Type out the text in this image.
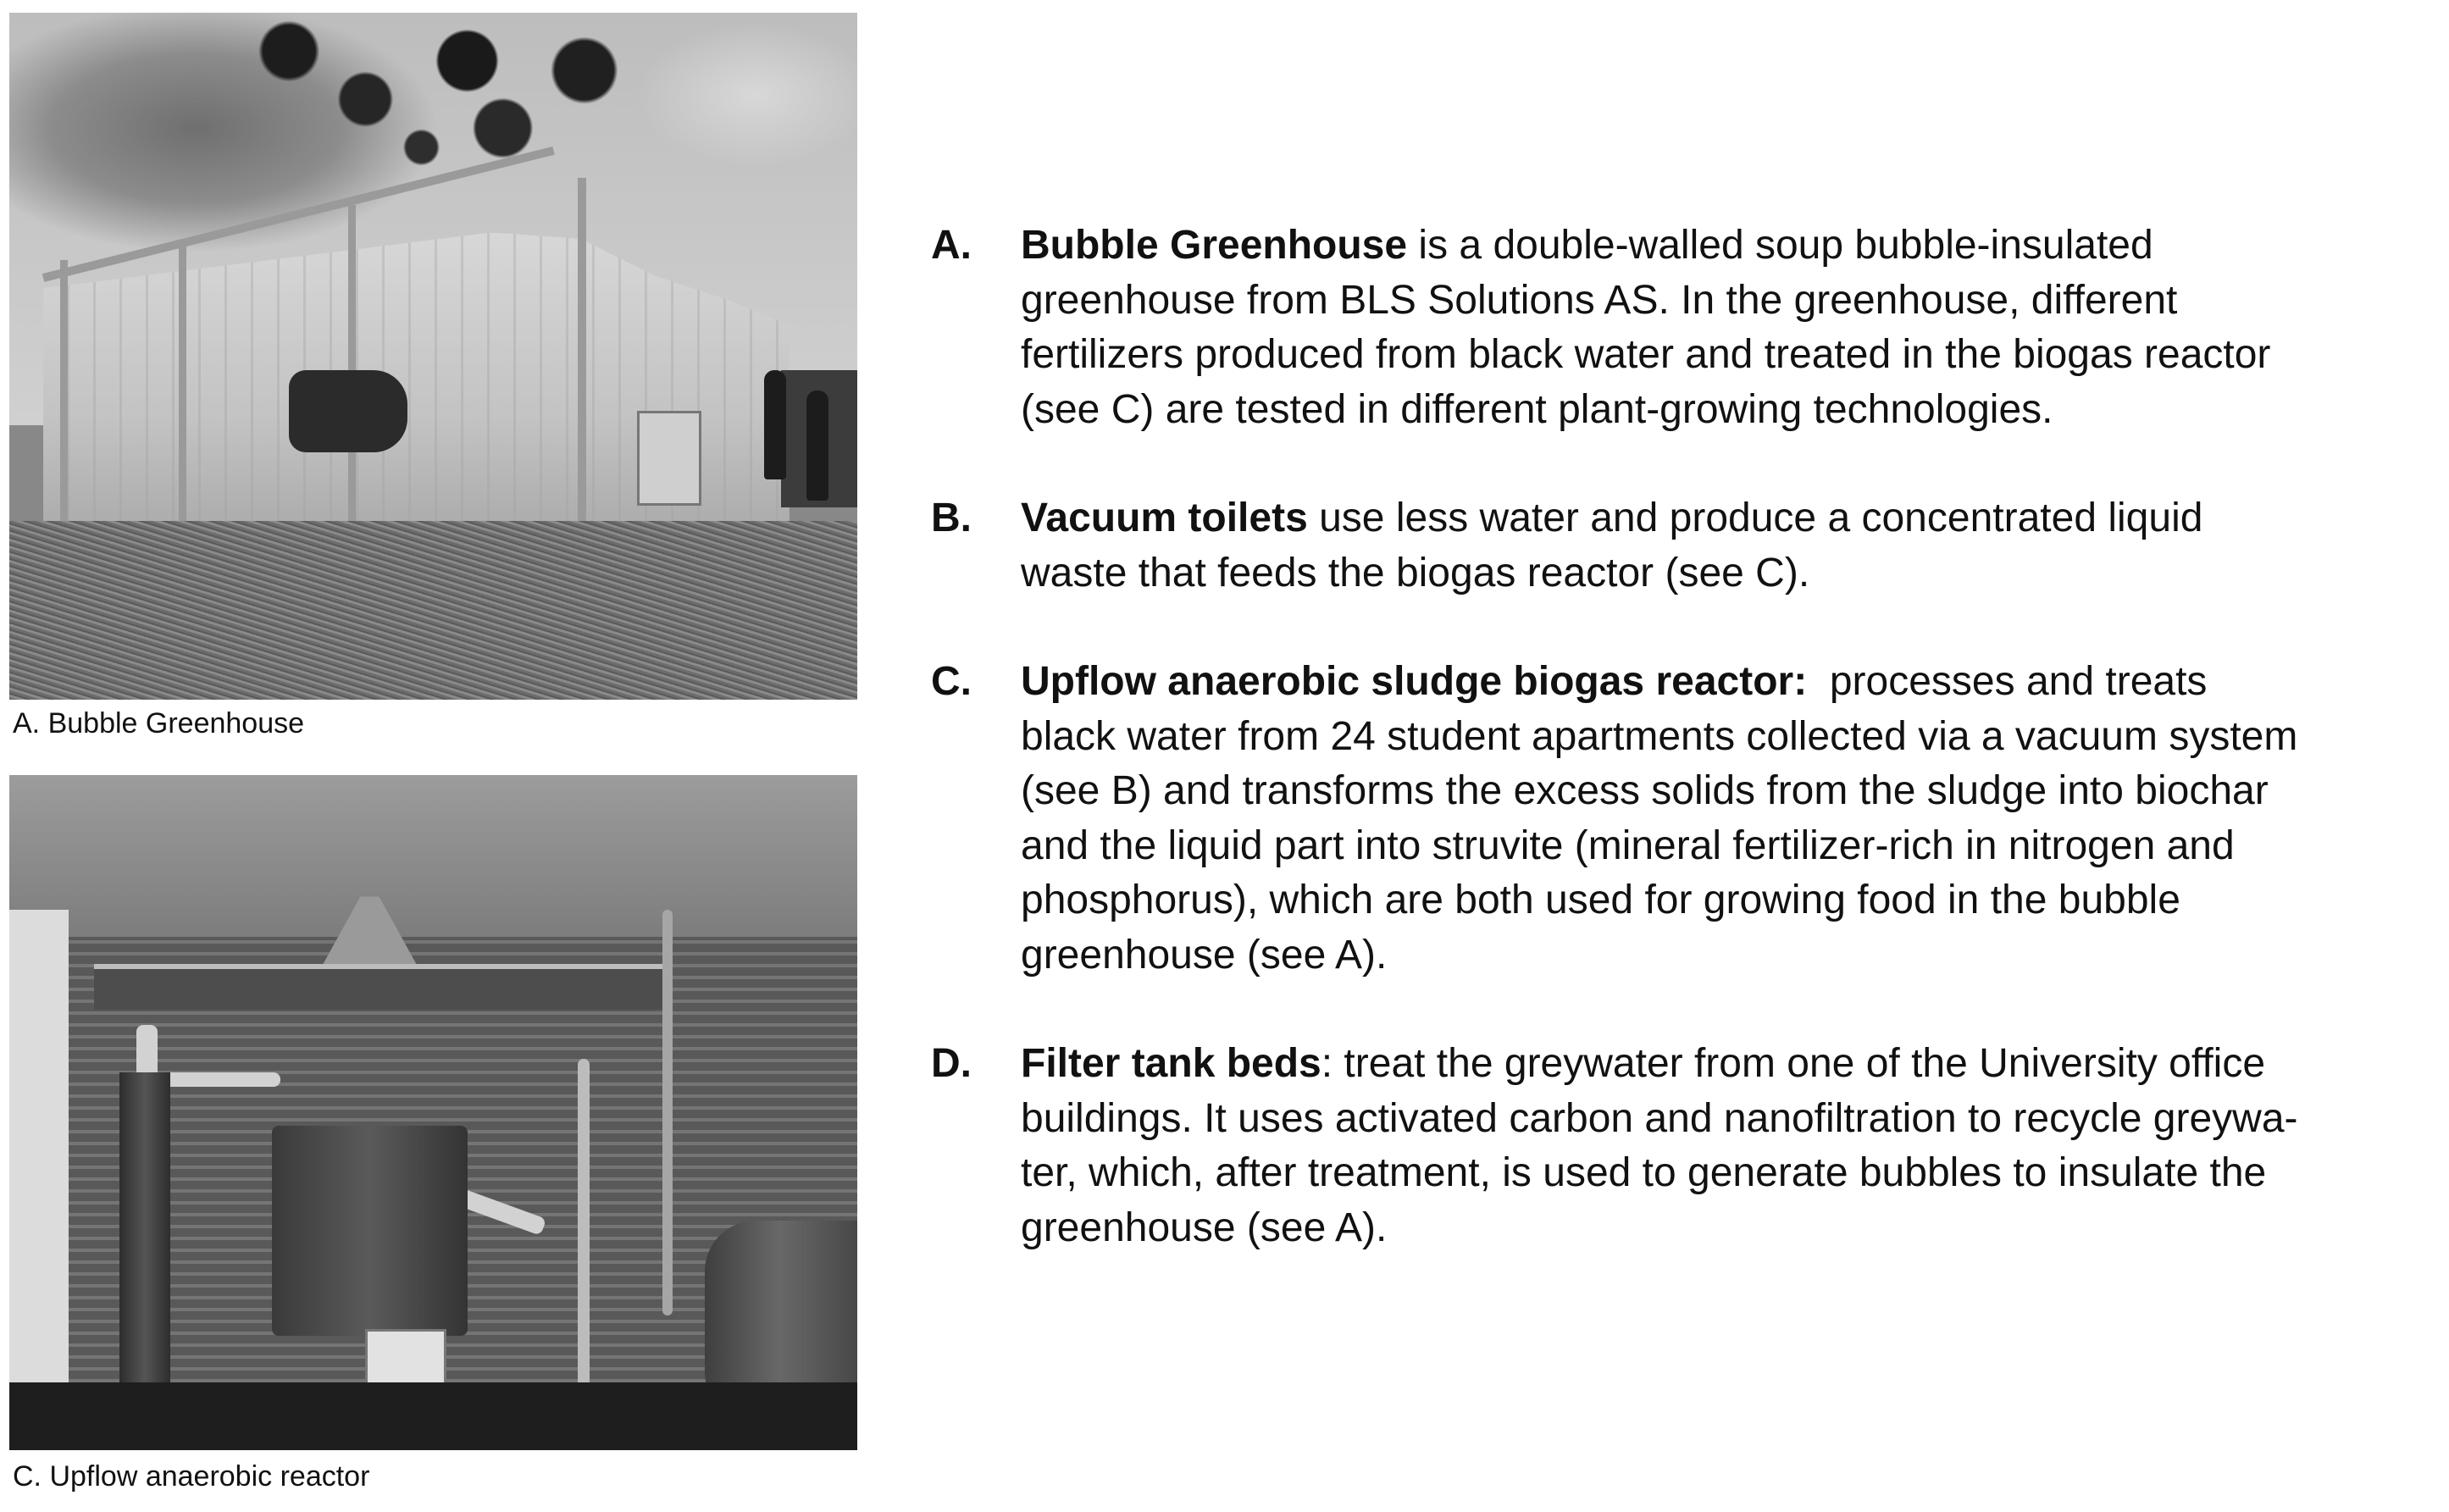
A. Bubble Greenhouse
C. Upflow anaerobic reactor
A. Bubble Greenhouse is a double-walled soup bubble-insulated
greenhouse from BLS Solutions AS. In the greenhouse, different
fertilizers produced from black water and treated in the biogas reactor
(see C) are tested in different plant-growing technologies.
B. Vacuum toilets use less water and produce a concentrated liquid
waste that feeds the biogas reactor (see C).
C. Upflow anaerobic sludge biogas reactor:  processes and treats
black water from 24 student apartments collected via a vacuum system
(see B) and transforms the excess solids from the sludge into biochar
and the liquid part into struvite (mineral fertilizer-rich in nitrogen and
phosphorus), which are both used for growing food in the bubble
greenhouse (see A).
D. Filter tank beds: treat the greywater from one of the University office
buildings. It uses activated carbon and nanofiltration to recycle greywa-
ter, which, after treatment, is used to generate bubbles to insulate the
greenhouse (see A).
